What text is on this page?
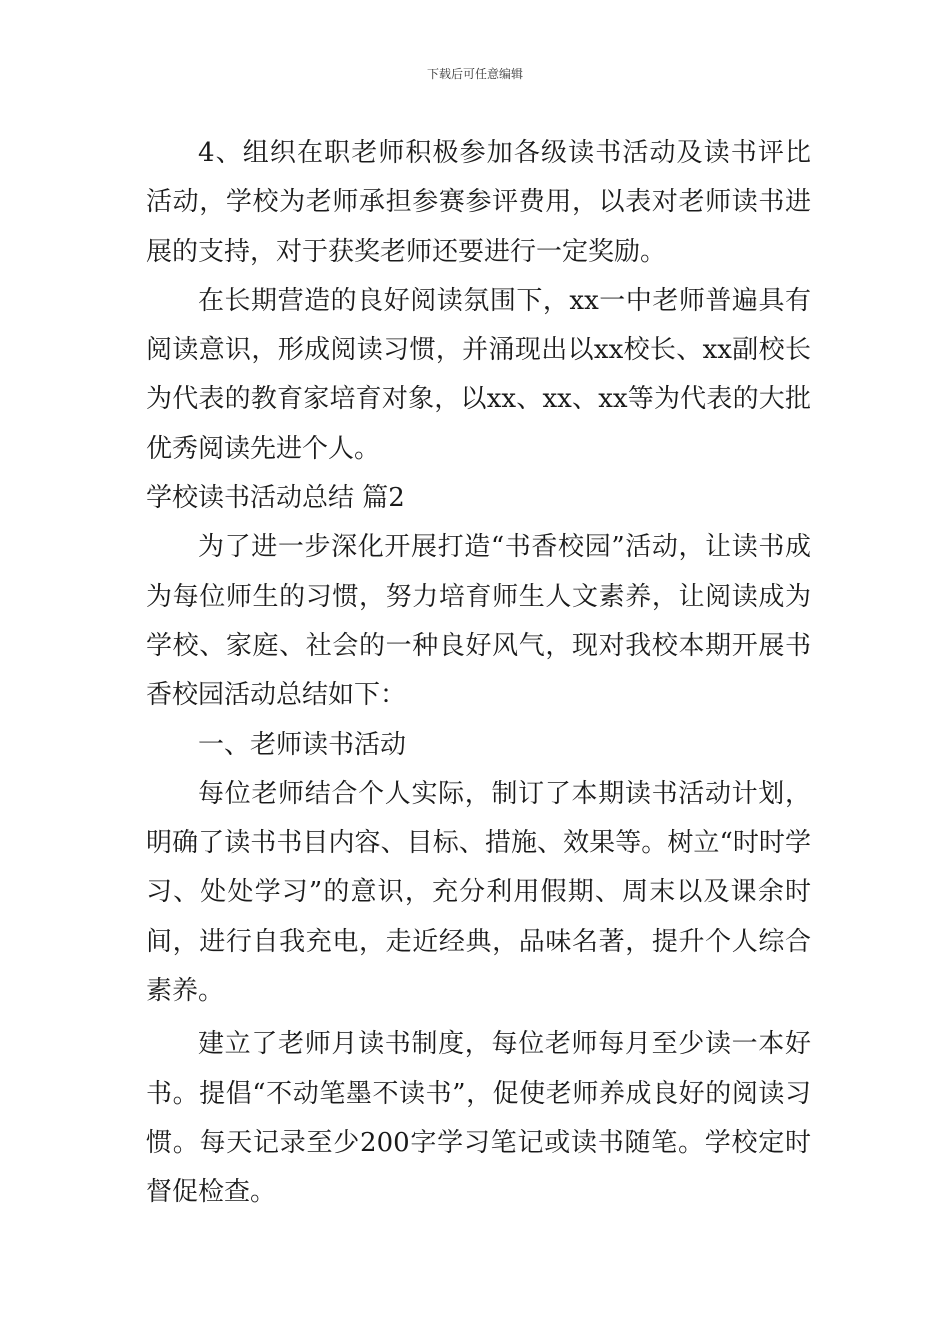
下载后可任意编辑

4、组织在职老师积极参加各级读书活动及读书评比活动，学校为老师承担参赛参评费用，以表对老师读书进展的支持，对于获奖老师还要进行一定奖励。

在长期营造的良好阅读氛围下，xx一中老师普遍具有阅读意识，形成阅读习惯，并涌现出以xx校长、xx副校长为代表的教育家培育对象，以xx、xx、xx等为代表的大批优秀阅读先进个人。

学校读书活动总结 篇2

为了进一步深化开展打造“书香校园”活动，让读书成为每位师生的习惯，努力培育师生人文素养，让阅读成为学校、家庭、社会的一种良好风气，现对我校本期开展书香校园活动总结如下：

一、老师读书活动

每位老师结合个人实际，制订了本期读书活动计划，明确了读书书目内容、目标、措施、效果等。树立“时时学习、处处学习”的意识，充分利用假期、周末以及课余时间，进行自我充电，走近经典，品味名著，提升个人综合素养。

建立了老师月读书制度，每位老师每月至少读一本好书。提倡“不动笔墨不读书”，促使老师养成良好的阅读习惯。每天记录至少200字学习笔记或读书随笔。学校定时督促检查。
